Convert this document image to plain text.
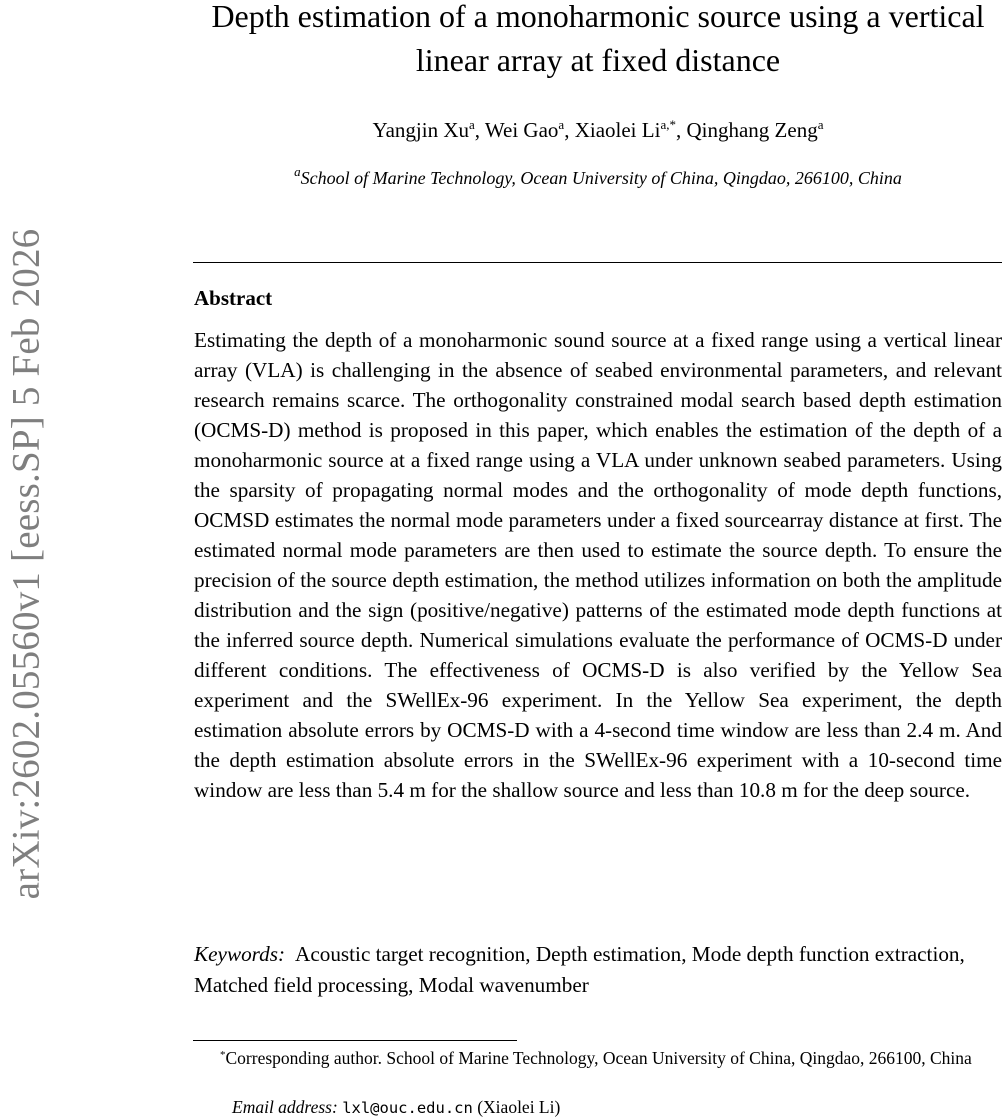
arXiv:2602.05560v1 [eess.SP] 5 Feb 2026
Depth estimation of a monoharmonic source using a vertical linear array at fixed distance
Yangjin Xu$^a$, Wei Gao$^a$, Xiaolei $Li^{a,*}$, Qinghang Zeng$^a$
$^a$School of Marine Technology, Ocean University of China, Qingdao, 266100, China
Abstract

Estimating the depth of a monoharmonic sound source at a fixed range using a vertical linear array (VLA) is challenging in the absence of seabed environmental parameters, and relevant research remains scarce. The orthogonality constrained modal search based depth estimation (OCMS-D) method is proposed in this paper, which enables the estimation of the depth of a monoharmonic source at a fixed range using a VLA under unknown seabed parameters. Using the sparsity of propagating normal modes and the orthogonality of mode depth functions, OCMSD estimates the normal mode parameters under a fixed sourcearray distance at first. The estimated normal mode parameters are then used to estimate the source depth. To ensure the precision of the source depth estimation, the method utilizes information on both the amplitude distribution and the sign (positive/negative) patterns of the estimated mode depth functions at the inferred source depth. Numerical simulations evaluate the performance of OCMS-D under different conditions. The effectiveness of OCMS-D is also verified by the Yellow Sea experiment and the SWellEx-96 experiment. In the Yellow Sea experiment, the depth estimation absolute errors by OCMS-D with a 4-second time window are less than 2.4 m. And the depth estimation absolute errors in the SWellEx-96 experiment with a 10-second time window are less than 5.4 m for the shallow source and less than 10.8 m for the deep source.

Keywords: Acoustic target recognition, Depth estimation, Mode depth function extraction, Matched field processing, Modal wavenumber

*Corresponding author. School of Marine Technology, Ocean University of China, Qingdao, 266100, China

Email address: lxl@ouc.edu.cn (Xiaolei Li)
